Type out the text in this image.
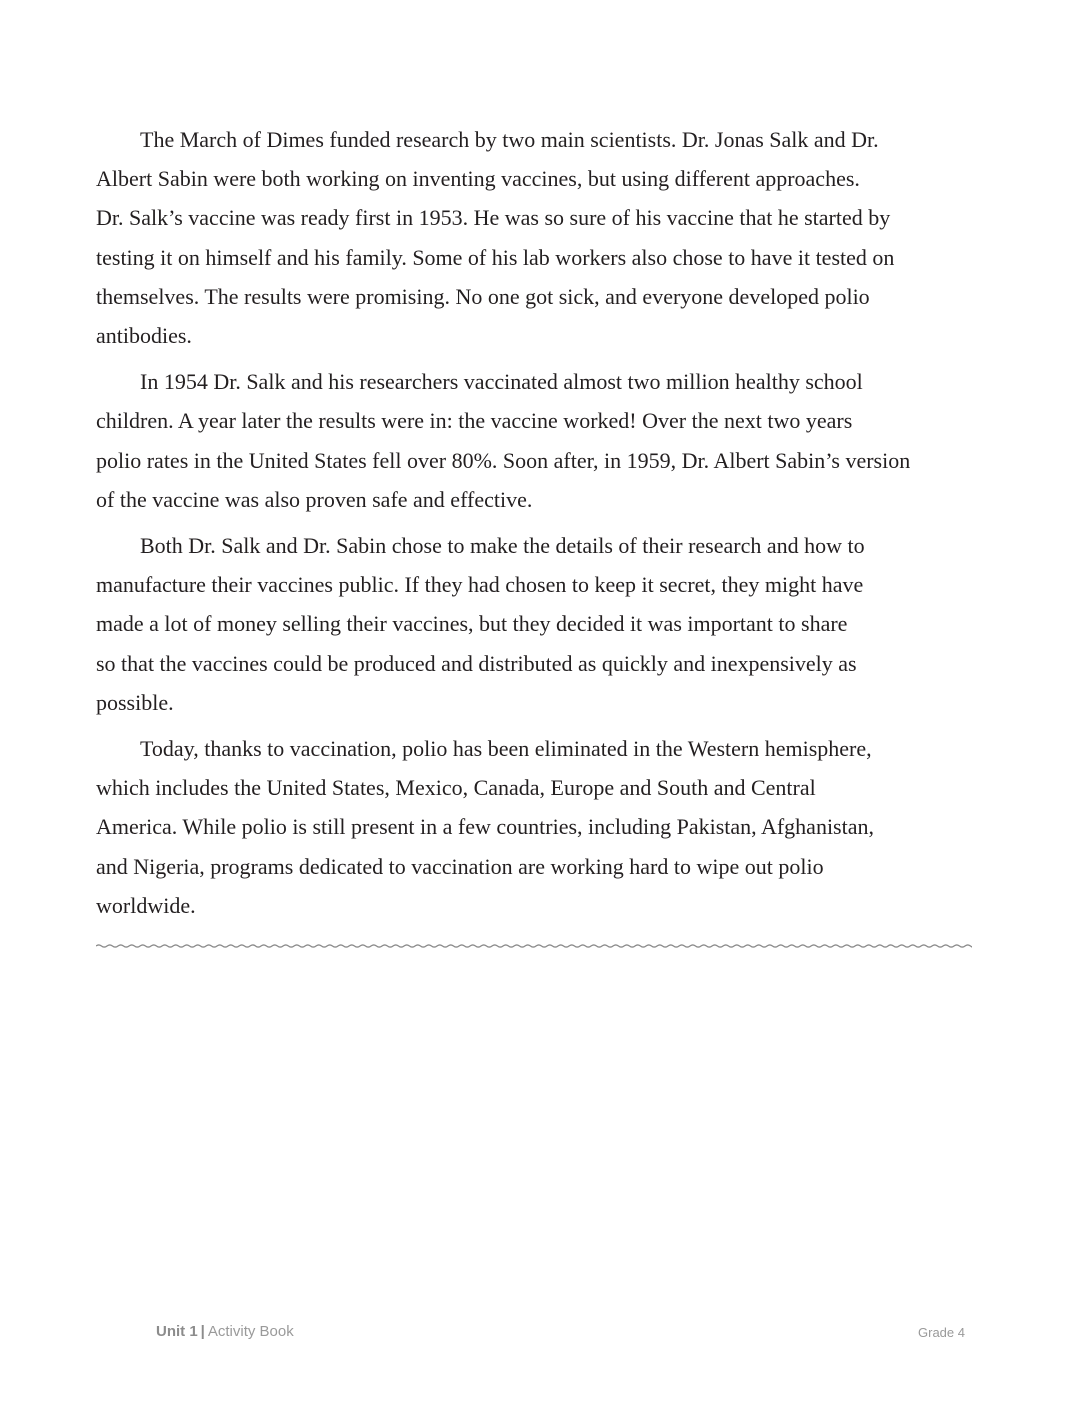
The March of Dimes funded research by two main scientists. Dr. Jonas Salk and Dr.
Albert Sabin were both working on inventing vaccines, but using different approaches.
Dr. Salk’s vaccine was ready first in 1953. He was so sure of his vaccine that he started by
testing it on himself and his family. Some of his lab workers also chose to have it tested on
themselves. The results were promising. No one got sick, and everyone developed polio
antibodies.
In 1954 Dr. Salk and his researchers vaccinated almost two million healthy school
children. A year later the results were in: the vaccine worked! Over the next two years
polio rates in the United States fell over 80%. Soon after, in 1959, Dr. Albert Sabin’s version
of the vaccine was also proven safe and effective.
Both Dr. Salk and Dr. Sabin chose to make the details of their research and how to
manufacture their vaccines public. If they had chosen to keep it secret, they might have
made a lot of money selling their vaccines, but they decided it was important to share
so that the vaccines could be produced and distributed as quickly and inexpensively as
possible.
Today, thanks to vaccination, polio has been eliminated in the Western hemisphere,
which includes the United States, Mexico, Canada, Europe and South and Central
America. While polio is still present in a few countries, including Pakistan, Afghanistan,
and Nigeria, programs dedicated to vaccination are working hard to wipe out polio
worldwide.
Unit 1 | Activity Book	Grade 4
